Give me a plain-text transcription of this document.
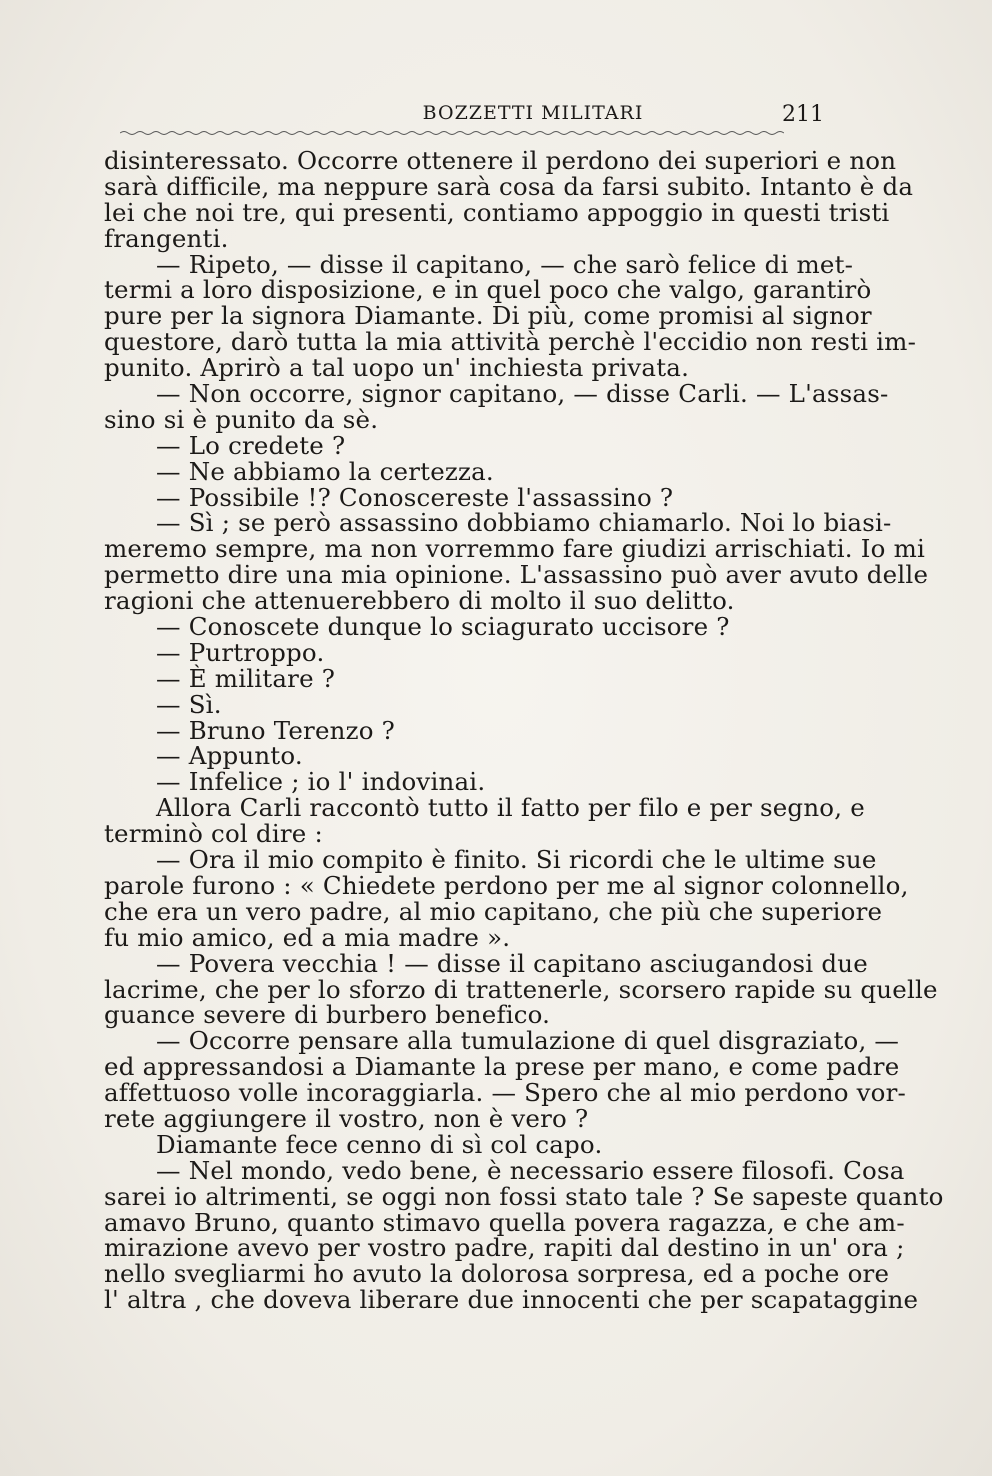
BOZZETTI MILITARI	211
disinteressato. Occorre ottenere il perdono dei superiori e non
sarà difficile, ma neppure sarà cosa da farsi subito. Intanto è da
lei che noi tre, qui presenti, contiamo appoggio in questi tristi
frangenti.
— Ripeto, — disse il capitano, — che sarò felice di met-
termi a loro disposizione, e in quel poco che valgo, garantirò
pure per la signora Diamante. Di più, come promisi al signor
questore, darò tutta la mia attività perchè l'eccidio non resti im-
punito. Aprirò a tal uopo un' inchiesta privata.
— Non occorre, signor capitano, — disse Carli. — L'assas-
sino si è punito da sè.
— Lo credete ?
— Ne abbiamo la certezza.
— Possibile !? Conoscereste l'assassino ?
— Sì ; se però assassino dobbiamo chiamarlo. Noi lo biasi-
meremo sempre, ma non vorremmo fare giudizi arrischiati. Io mi
permetto dire una mia opinione. L'assassino può aver avuto delle
ragioni che attenuerebbero di molto il suo delitto.
— Conoscete dunque lo sciagurato uccisore ?
— Purtroppo.
— È militare ?
— Sì.
— Bruno Terenzo ?
— Appunto.
— Infelice ; io l' indovinai.
Allora Carli raccontò tutto il fatto per filo e per segno, e
terminò col dire :
— Ora il mio compito è finito. Si ricordi che le ultime sue
parole furono : « Chiedete perdono per me al signor colonnello,
che era un vero padre, al mio capitano, che più che superiore
fu mio amico, ed a mia madre ».
— Povera vecchia ! — disse il capitano asciugandosi due
lacrime, che per lo sforzo di trattenerle, scorsero rapide su quelle
guance severe di burbero benefico.
— Occorre pensare alla tumulazione di quel disgraziato, —
ed appressandosi a Diamante la prese per mano, e come padre
affettuoso volle incoraggiarla. — Spero che al mio perdono vor-
rete aggiungere il vostro, non è vero ?
Diamante fece cenno di sì col capo.
— Nel mondo, vedo bene, è necessario essere filosofi. Cosa
sarei io altrimenti, se oggi non fossi stato tale ? Se sapeste quanto
amavo Bruno, quanto stimavo quella povera ragazza, e che am-
mirazione avevo per vostro padre, rapiti dal destino in un' ora ;
nello svegliarmi ho avuto la dolorosa sorpresa, ed a poche ore
l' altra , che doveva liberare due innocenti che per scapataggine
